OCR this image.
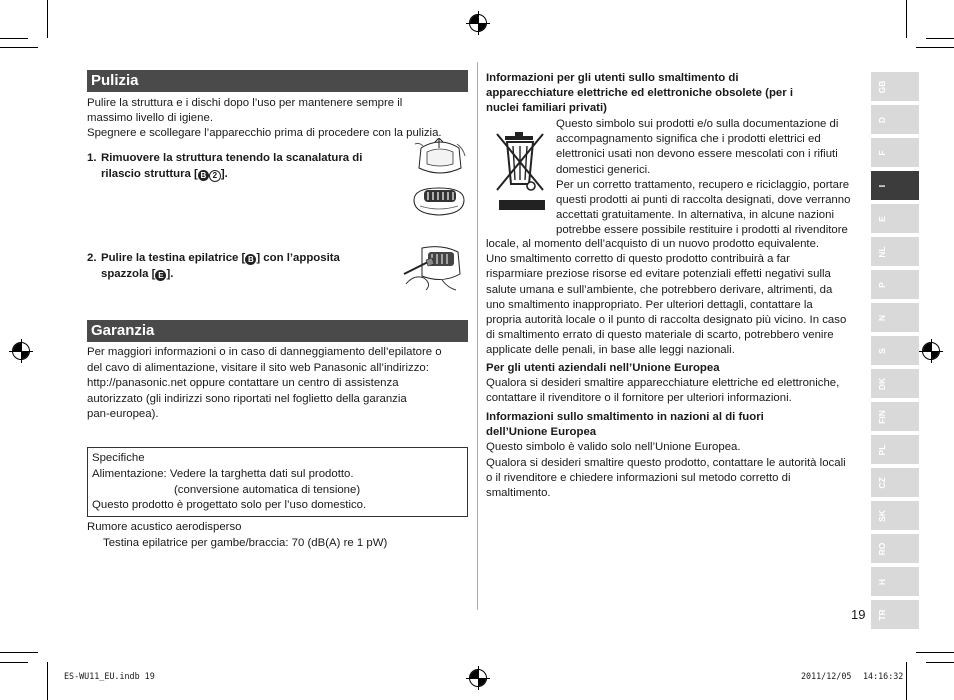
Pulizia
Pulire la struttura e i dischi dopo l’uso per mantenere sempre il
massimo livello di igiene.
Spegnere e scollegare l’apparecchio prima di procedere con la pulizia.
1. Rimuovere la struttura tenendo la scanalatura di
rilascio struttura [ B 2 ].
2. Pulire la testina epilatrice [ B ] con l’apposita
spazzola [ E ].
Garanzia
Per maggiori informazioni o in caso di danneggiamento dell’epilatore o
del cavo di alimentazione, visitare il sito web Panasonic all’indirizzo:
http://panasonic.net oppure contattare un centro di assistenza
autorizzato (gli indirizzi sono riportati nel foglietto della garanzia
pan-europea).
Specifiche
Alimentazione: Vedere la targhetta dati sul prodotto.
(conversione automatica di tensione)
Questo prodotto è progettato solo per l’uso domestico.
Rumore acustico aerodisperso
Testina epilatrice per gambe/braccia: 70 (dB(A) re 1 pW)
Informazioni per gli utenti sullo smaltimento di
apparecchiature elettriche ed elettroniche obsolete (per i
nuclei familiari privati)
Questo simbolo sui prodotti e/o sulla documentazione di
accompagnamento significa che i prodotti elettrici ed
elettronici usati non devono essere mescolati con i rifiuti
domestici generici.
Per un corretto trattamento, recupero e riciclaggio, portare
questi prodotti ai punti di raccolta designati, dove verranno
accettati gratuitamente. In alternativa, in alcune nazioni
potrebbe essere possibile restituire i prodotti al rivenditore
locale, al momento dell’acquisto di un nuovo prodotto equivalente.
Uno smaltimento corretto di questo prodotto contribuirà a far
risparmiare preziose risorse ed evitare potenziali effetti negativi sulla
salute umana e sull’ambiente, che potrebbero derivare, altrimenti, da
uno smaltimento inappropriato. Per ulteriori dettagli, contattare la
propria autorità locale o il punto di raccolta designato più vicino. In caso
di smaltimento errato di questo materiale di scarto, potrebbero venire
applicate delle penali, in base alle leggi nazionali.
Per gli utenti aziendali nell’Unione Europea
Qualora si desideri smaltire apparecchiature elettriche ed elettroniche,
contattare il rivenditore o il fornitore per ulteriori informazioni.
Informazioni sullo smaltimento in nazioni al di fuori
dell’Unione Europea
Questo simbolo è valido solo nell’Unione Europea.
Qualora si desideri smaltire questo prodotto, contattare le autorità locali
o il rivenditore e chiedere informazioni sul metodo corretto di
smaltimento.
GB
D
F
I
E
NL
P
N
S
DK
FIN
PL
CZ
SK
RO
H
TR
19
ES-WU11_EU.indb 19	2011/12/05 14:16:32
